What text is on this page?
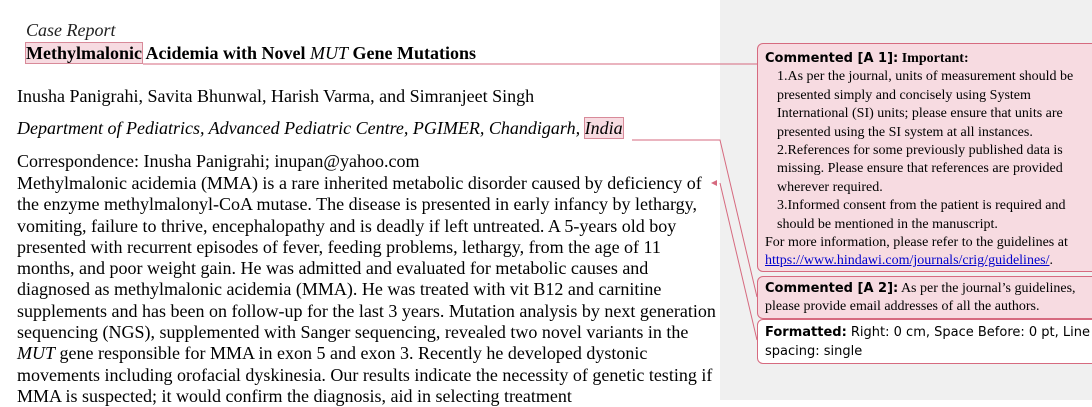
Case Report
Methylmalonic Acidemia with Novel MUT Gene Mutations
Inusha Panigrahi, Savita Bhunwal, Harish Varma, and Simranjeet Singh
Department of Pediatrics, Advanced Pediatric Centre, PGIMER, Chandigarh, India
Correspondence: Inusha Panigrahi; inupan@yahoo.com
Methylmalonic acidemia (MMA) is a rare inherited metabolic disorder caused by deficiency of the enzyme methylmalonyl-CoA mutase. The disease is presented in early infancy by lethargy, vomiting, failure to thrive, encephalopathy and is deadly if left untreated. A 5-years old boy presented with recurrent episodes of fever, feeding problems, lethargy, from the age of 11 months, and poor weight gain. He was admitted and evaluated for metabolic causes and diagnosed as methylmalonic acidemia (MMA). He was treated with vit B12 and carnitine supplements and has been on follow-up for the last 3 years. Mutation analysis by next generation sequencing (NGS), supplemented with Sanger sequencing, revealed two novel variants in the MUT gene responsible for MMA in exon 5 and exon 3. Recently he developed dystonic movements including orofacial dyskinesia. Our results indicate the necessity of genetic testing if MMA is suspected; it would confirm the diagnosis, aid in selecting treatment
Commented [A 1]: Important:
1.As per the journal, units of measurement should be
presented simply and concisely using System
International (SI) units; please ensure that units are
presented using the SI system at all instances.
2.References for some previously published data is
missing. Please ensure that references are provided
wherever required.
3.Informed consent from the patient is required and
should be mentioned in the manuscript.
For more information, please refer to the guidelines at
https://www.hindawi.com/journals/crig/guidelines/.
Commented [A 2]: As per the journal’s guidelines,
please provide email addresses of all the authors.
Formatted: Right: 0 cm, Space Before: 0 pt, Line
spacing: single
